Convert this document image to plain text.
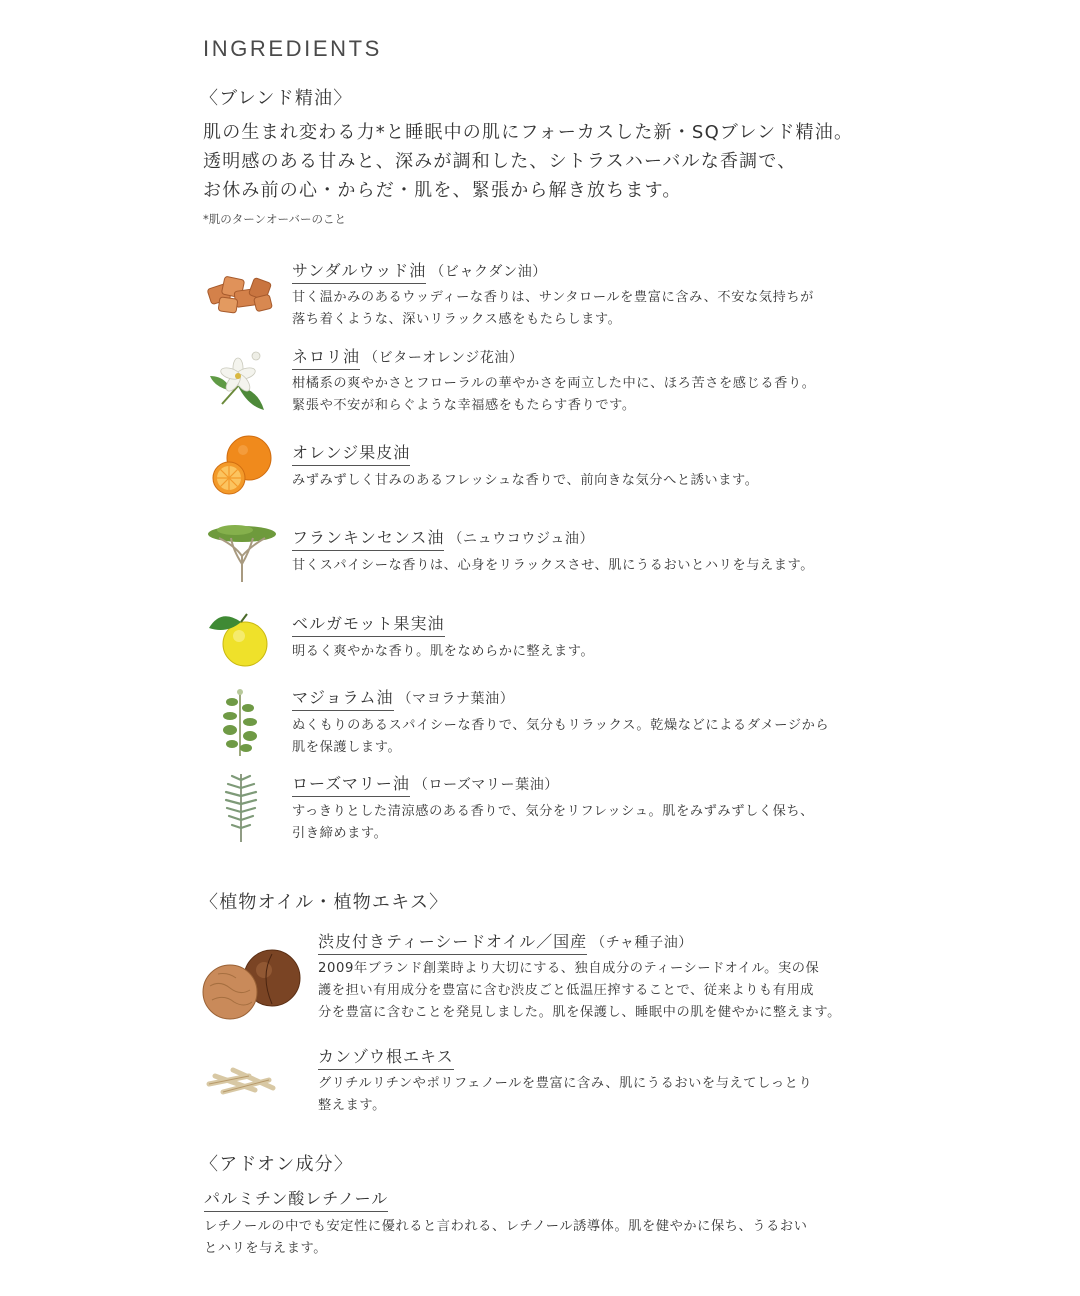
INGREDIENTS
〈ブレンド精油〉

肌の生まれ変わる力*と睡眠中の肌にフォーカスした新・SQブレンド精油。

透明感のある甘みと、深みが調和した、シトラスハーバルな香調で、

お休み前の心・からだ・肌を、緊張から解き放ちます。

*肌のターンオーバーのこと
サンダルウッド油 （ビャクダン油）

甘く温かみのあるウッディーな香りは、サンタロールを豊富に含み、不安な気持ちが

落ち着くような、深いリラックス感をもたらします。

ネロリ油 （ビターオレンジ花油）

柑橘系の爽やかさとフローラルの華やかさを両立した中に、ほろ苦さを感じる香り。

緊張や不安が和らぐような幸福感をもたらす香りです。

オレンジ果皮油

みずみずしく甘みのあるフレッシュな香りで、前向きな気分へと誘います。

フランキンセンス油 （ニュウコウジュ油）

甘くスパイシーな香りは、心身をリラックスさせ、肌にうるおいとハリを与えます。

ベルガモット果実油

明るく爽やかな香り。肌をなめらかに整えます。

マジョラム油 （マヨラナ葉油）

ぬくもりのあるスパイシーな香りで、気分もリラックス。乾燥などによるダメージから

肌を保護します。

ローズマリー油 （ローズマリー葉油）

すっきりとした清涼感のある香りで、気分をリフレッシュ。肌をみずみずしく保ち、

引き締めます。

〈植物オイル・植物エキス〉
渋皮付きティーシードオイル／国産 （チャ種子油）

2009年ブランド創業時より大切にする、独自成分のティーシードオイル。実の保

護を担い有用成分を豊富に含む渋皮ごと低温圧搾することで、従来よりも有用成

分を豊富に含むことを発見しました。肌を保護し、睡眠中の肌を健やかに整えます。

カンゾウ根エキス

グリチルリチンやポリフェノールを豊富に含み、肌にうるおいを与えてしっとり

整えます。

〈アドオン成分〉
パルミチン酸レチノール

レチノールの中でも安定性に優れると言われる、レチノール誘導体。肌を健やかに保ち、うるおい

とハリを与えます。
